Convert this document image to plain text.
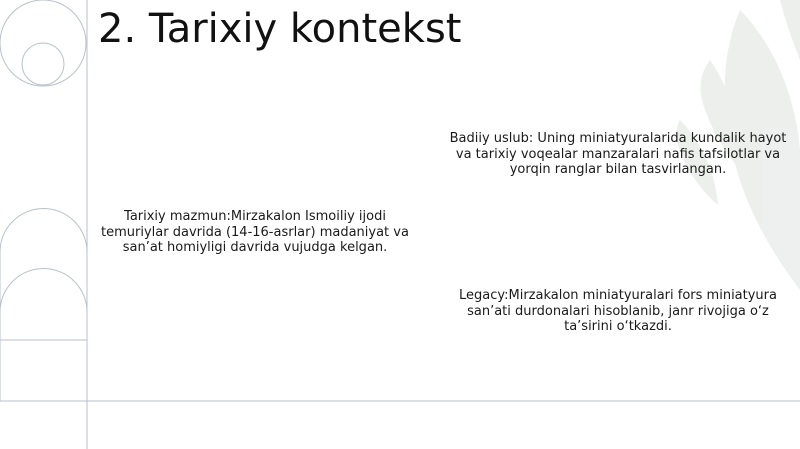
2. Tarixiy kontekst

Badiiy uslub: Uning miniatyuralarida kundalik hayot va tarixiy voqealar manzaralari nafis tafsilotlar va yorqin ranglar bilan tasvirlangan.

Tarixiy mazmun:Mirzakalon Ismoiliy ijodi temuriylar davrida (14-16-asrlar) madaniyat va san’at homiyligi davrida vujudga kelgan.

Legacy:Mirzakalon miniatyuralari fors miniatyura san’ati durdonalari hisoblanib, janr rivojiga o‘z ta’sirini o‘tkazdi.
